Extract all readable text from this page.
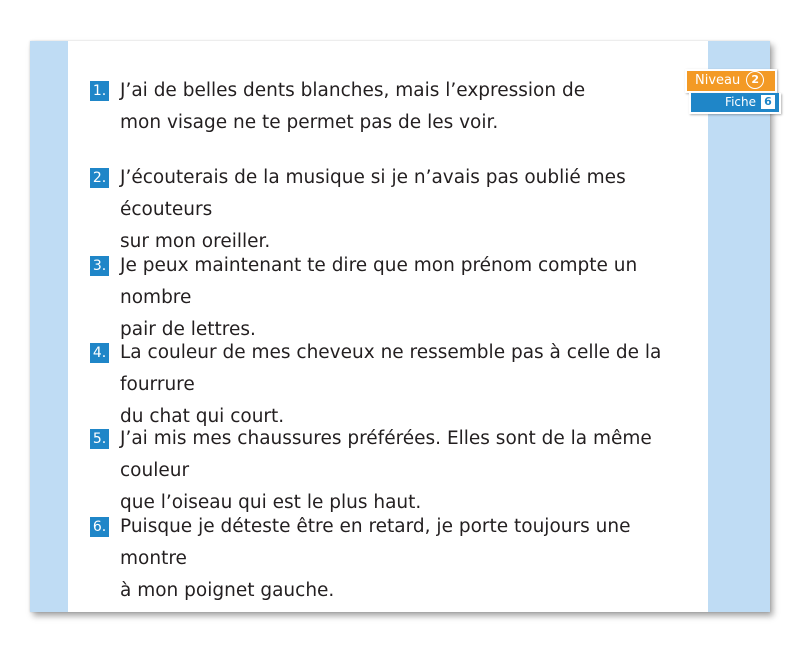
Niveau 2
Fiche 6
1. J’ai de belles dents blanches, mais l’expression de
mon visage ne te permet pas de les voir.
2. J’écouterais de la musique si je n’avais pas oublié mes écouteurs
sur mon oreiller.
3. Je peux maintenant te dire que mon prénom compte un nombre
pair de lettres.
4. La couleur de mes cheveux ne ressemble pas à celle de la fourrure
du chat qui court.
5. J’ai mis mes chaussures préférées. Elles sont de la même couleur
que l’oiseau qui est le plus haut.
6. Puisque je déteste être en retard, je porte toujours une montre
à mon poignet gauche.
